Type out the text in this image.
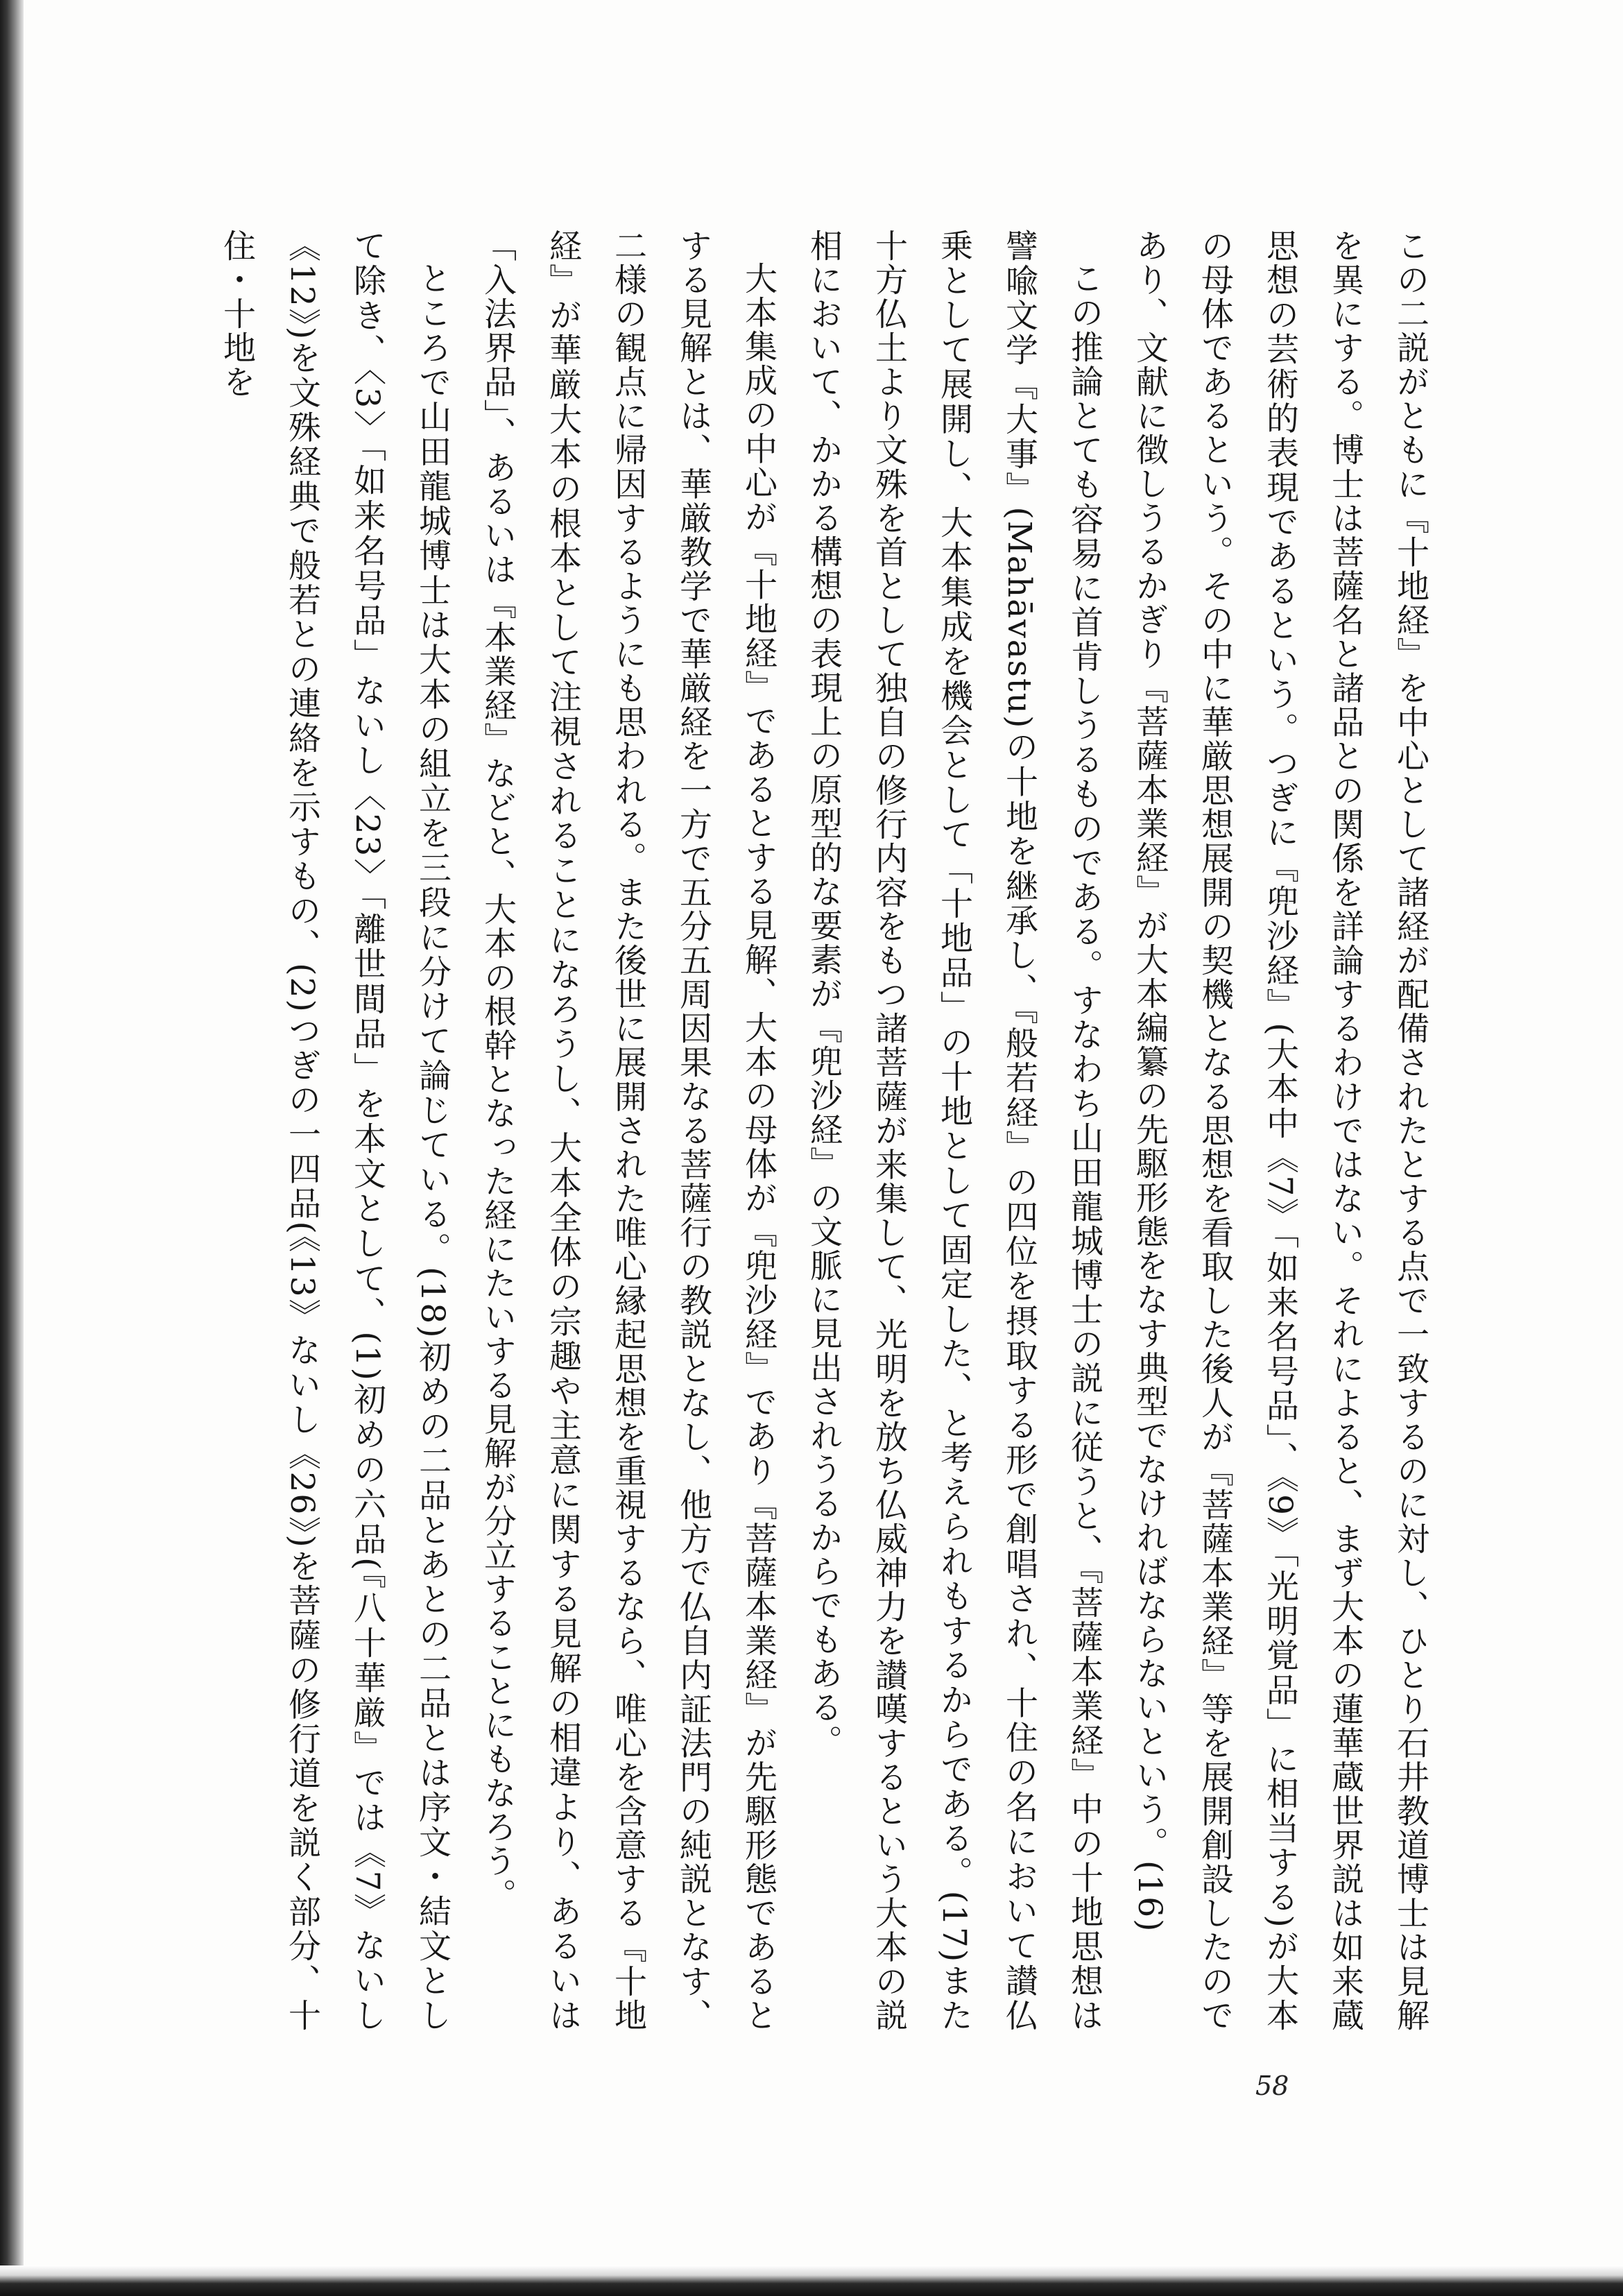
この二説がともに『十地経』を中心として諸経が配備されたとする点で一致するのに対し、ひとり石井教道博士は見解を異にする。博士は菩薩名と諸品との関係を詳論するわけではない。それによると、まず大本の蓮華蔵世界説は如来蔵思想の芸術的表現であるという。つぎに『兜沙経』(大本中《7》「如来名号品」、《9》「光明覚品」に相当する)が大本の母体であるという。その中に華厳思想展開の契機となる思想を看取した後人が『菩薩本業経』等を展開創設したのであり、文献に徴しうるかぎり『菩薩本業経』が大本編纂の先駆形態をなす典型でなければならないという。(16)

この推論とても容易に首肯しうるものである。すなわち山田龍城博士の説に従うと、『菩薩本業経』中の十地思想は譬喩文学『大事』(Mahāvastu)の十地を継承し、『般若経』の四位を摂取する形で創唱され、十住の名において讃仏乗として展開し、大本集成を機会として「十地品」の十地として固定した、と考えられもするからである。(17)また十方仏土より文殊を首として独自の修行内容をもつ諸菩薩が来集して、光明を放ち仏威神力を讃嘆するという大本の説相において、かかる構想の表現上の原型的な要素が『兜沙経』の文脈に見出されうるからでもある。

大本集成の中心が『十地経』であるとする見解、大本の母体が『兜沙経』であり『菩薩本業経』が先駆形態であるとする見解とは、華厳教学で華厳経を一方で五分五周因果なる菩薩行の教説となし、他方で仏自内証法門の純説となす、二様の観点に帰因するようにも思われる。また後世に展開された唯心縁起思想を重視するなら、唯心を含意する『十地経』が華厳大本の根本として注視されることになろうし、大本全体の宗趣や主意に関する見解の相違より、あるいは「入法界品」、あるいは『本業経』などと、大本の根幹となった経にたいする見解が分立することにもなろう。

ところで山田龍城博士は大本の組立を三段に分けて論じている。(18)初めの二品とあとの二品とは序文・結文として除き、〈3〉「如来名号品」ないし〈23〉「離世間品」を本文として、(1)初めの六品(『八十華厳』では《7》ないし《12》)を文殊経典で般若との連絡を示すもの、(2)つぎの一四品(《13》ないし《26》)を菩薩の修行道を説く部分、十住・十地を

58
